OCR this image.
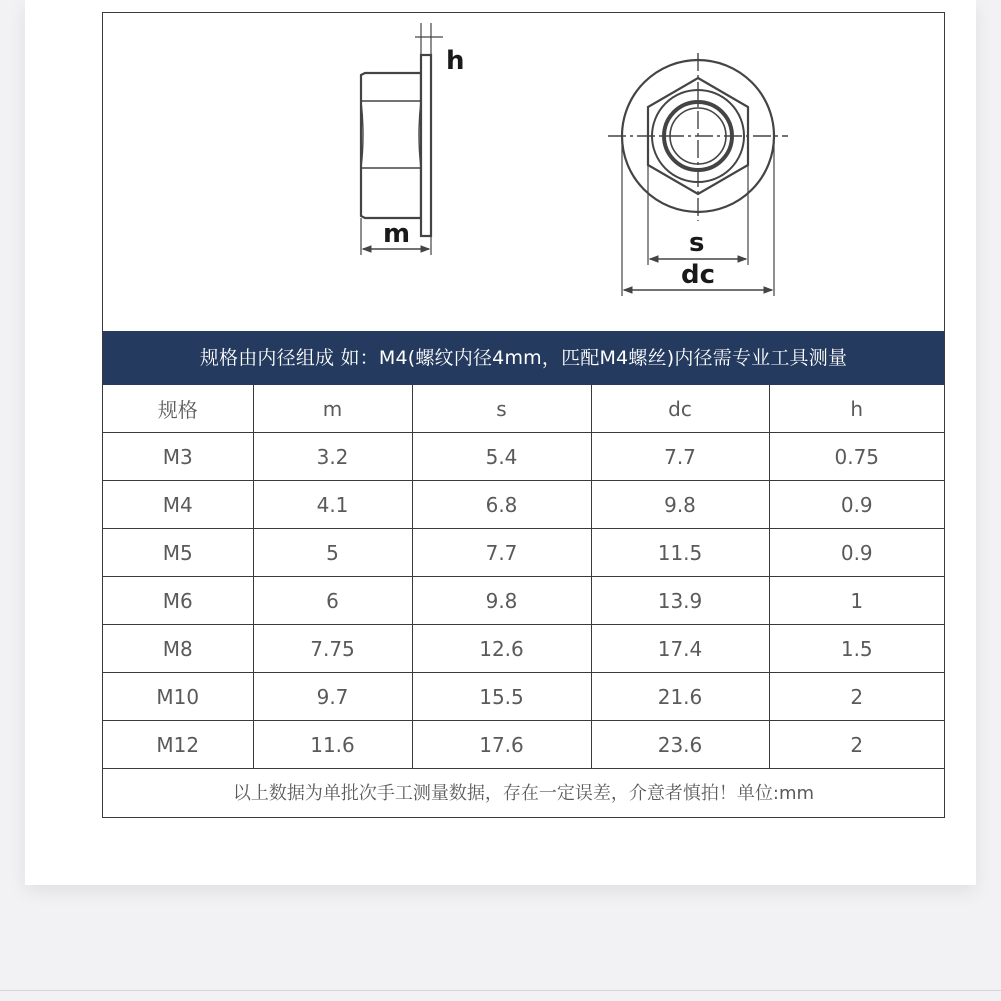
h
m	s
dc
规格由内径组成 如：M4(螺纹内径4mm，匹配M4螺丝)内径需专业工具测量
规格	m	s	dc	h
M3	3.2	5.4	7.7	0.75
M4	4.1	6.8	9.8	0.9
M5	5	7.7	11.5	0.9
M6	6	9.8	13.9	1
M8	7.75	12.6	17.4	1.5
M10	9.7	15.5	21.6	2
M12	11.6	17.6	23.6	2
以上数据为单批次手工测量数据，存在一定误差，介意者慎拍！单位:mm				
